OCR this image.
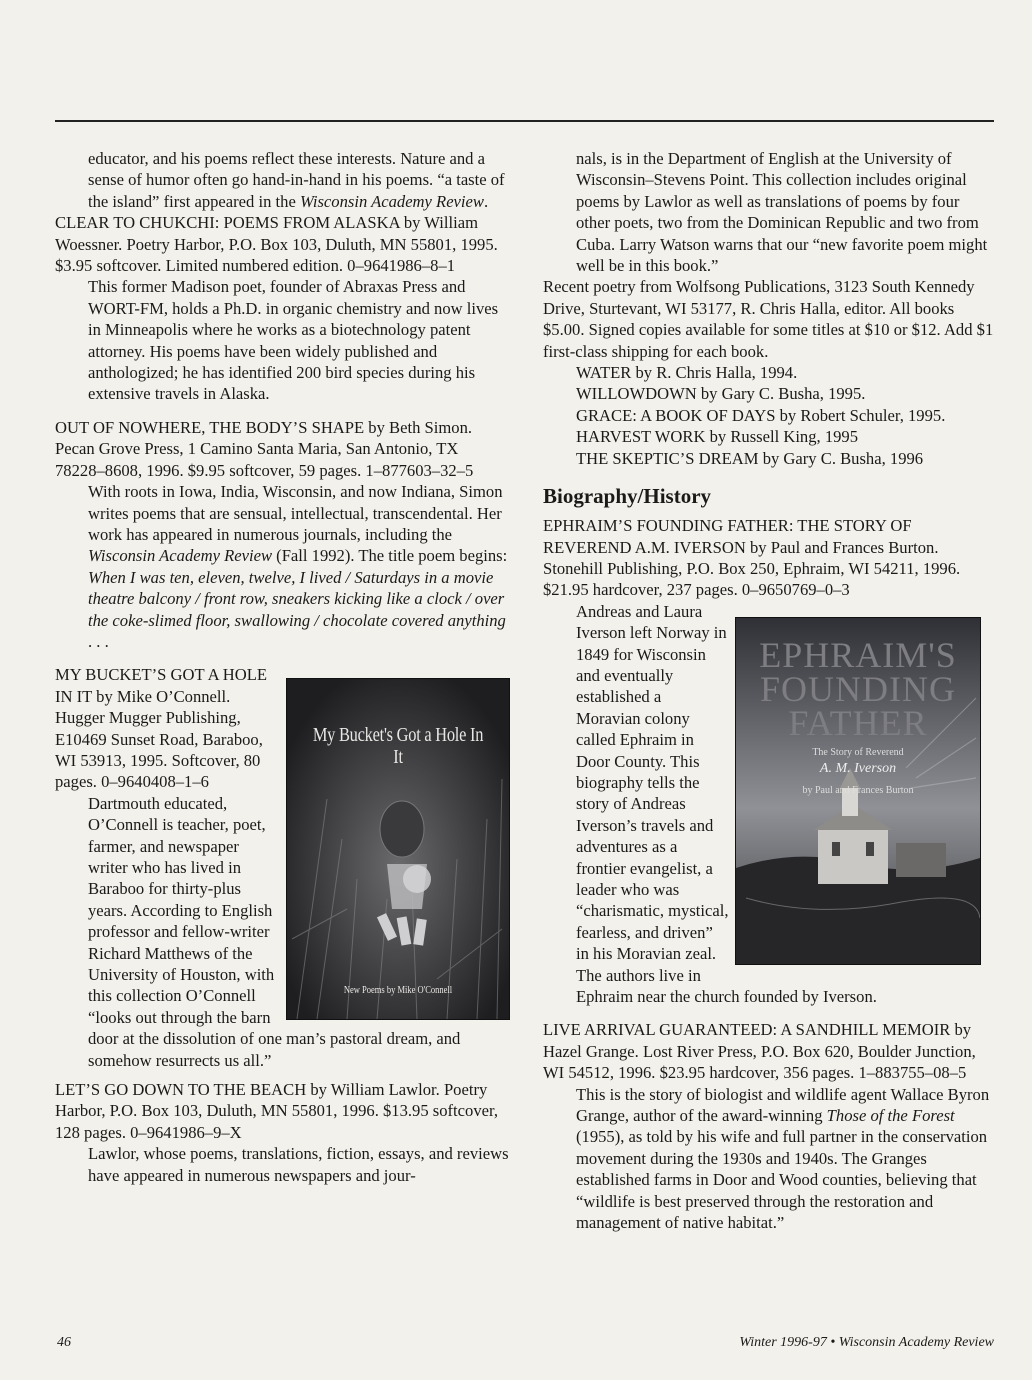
educator, and his poems reflect these interests. Nature and a sense of humor often go hand-in-hand in his poems. “a taste of the island” first appeared in the Wisconsin Academy Review.

CLEAR TO CHUKCHI: POEMS FROM ALASKA by William Woessner. Poetry Harbor, P.O. Box 103, Duluth, MN 55801, 1995. $3.95 softcover. Limited numbered edition. 0–9641986–8–1

This former Madison poet, founder of Abraxas Press and WORT-FM, holds a Ph.D. in organic chemistry and now lives in Minneapolis where he works as a biotechnology patent attorney. His poems have been widely published and anthologized; he has identified 200 bird species during his extensive travels in Alaska.

OUT OF NOWHERE, THE BODY’S SHAPE by Beth Simon. Pecan Grove Press, 1 Camino Santa Maria, San Antonio, TX 78228–8608, 1996. $9.95 softcover, 59 pages. 1–877603–32–5

With roots in Iowa, India, Wisconsin, and now Indiana, Simon writes poems that are sensual, intellectual, transcendental. Her work has appeared in numerous journals, including the Wisconsin Academy Review (Fall 1992). The title poem begins: When I was ten, eleven, twelve, I lived / Saturdays in a movie theatre balcony / front row, sneakers kicking like a clock / over the coke-slimed floor, swallowing / chocolate covered anything . . .

My Bucket's Got a Hole In It
New Poems by Mike O'Connell

MY BUCKET’S GOT A HOLE IN IT by Mike O’Connell. Hugger Mugger Publishing, E10469 Sunset Road, Baraboo, WI 53913, 1995. Softcover, 80 pages. 0–9640408–1–6

Dartmouth educated, O’Connell is teacher, poet, farmer, and newspaper writer who has lived in Baraboo for thirty-plus years. According to English professor and fellow-writer Richard Matthews of the University of Houston, with this collection O’Connell “looks out through the barn door at the dissolution of one man’s pastoral dream, and somehow resurrects us all.”

LET’S GO DOWN TO THE BEACH by William Lawlor. Poetry Harbor, P.O. Box 103, Duluth, MN 55801, 1996. $13.95 softcover, 128 pages. 0–9641986–9–X

Lawlor, whose poems, translations, fiction, essays, and reviews have appeared in numerous newspapers and jour-

nals, is in the Department of English at the University of Wisconsin–Stevens Point. This collection includes original poems by Lawlor as well as translations of poems by four other poets, two from the Dominican Republic and two from Cuba. Larry Watson warns that our “new favorite poem might well be in this book.”

Recent poetry from Wolfsong Publications, 3123 South Kennedy Drive, Sturtevant, WI 53177, R. Chris Halla, editor. All books $5.00. Signed copies available for some titles at $10 or $12. Add $1 first-class shipping for each book.

WATER by R. Chris Halla, 1994.
WILLOWDOWN by Gary C. Busha, 1995.
GRACE: A BOOK OF DAYS by Robert Schuler, 1995.
HARVEST WORK by Russell King, 1995
THE SKEPTIC’S DREAM by Gary C. Busha, 1996
Biography/History

EPHRAIM’S FOUNDING FATHER: THE STORY OF REVEREND A.M. IVERSON by Paul and Frances Burton. Stonehill Publishing, P.O. Box 250, Ephraim, WI 54211, 1996. $21.95 hardcover, 237 pages. 0–9650769–0–3

EPHRAIM'S FOUNDING FATHER
The Story of Reverend
A. M. Iverson
by Paul and Frances Burton

Andreas and Laura Iverson left Norway in 1849 for Wisconsin and eventually established a Moravian colony called Ephraim in Door County. This biography tells the story of Andreas Iverson’s travels and adventures as a frontier evangelist, a leader who was “charismatic, mystical, fearless, and driven” in his Moravian zeal. The authors live in Ephraim near the church founded by Iverson.

LIVE ARRIVAL GUARANTEED: A SANDHILL MEMOIR by Hazel Grange. Lost River Press, P.O. Box 620, Boulder Junction, WI 54512, 1996. $23.95 hardcover, 356 pages. 1–883755–08–5

This is the story of biologist and wildlife agent Wallace Byron Grange, author of the award-winning Those of the Forest (1955), as told by his wife and full partner in the conservation movement during the 1930s and 1940s. The Granges established farms in Door and Wood counties, believing that “wildlife is best preserved through the restoration and management of native habitat.”

46	Winter 1996-97 • Wisconsin Academy Review
